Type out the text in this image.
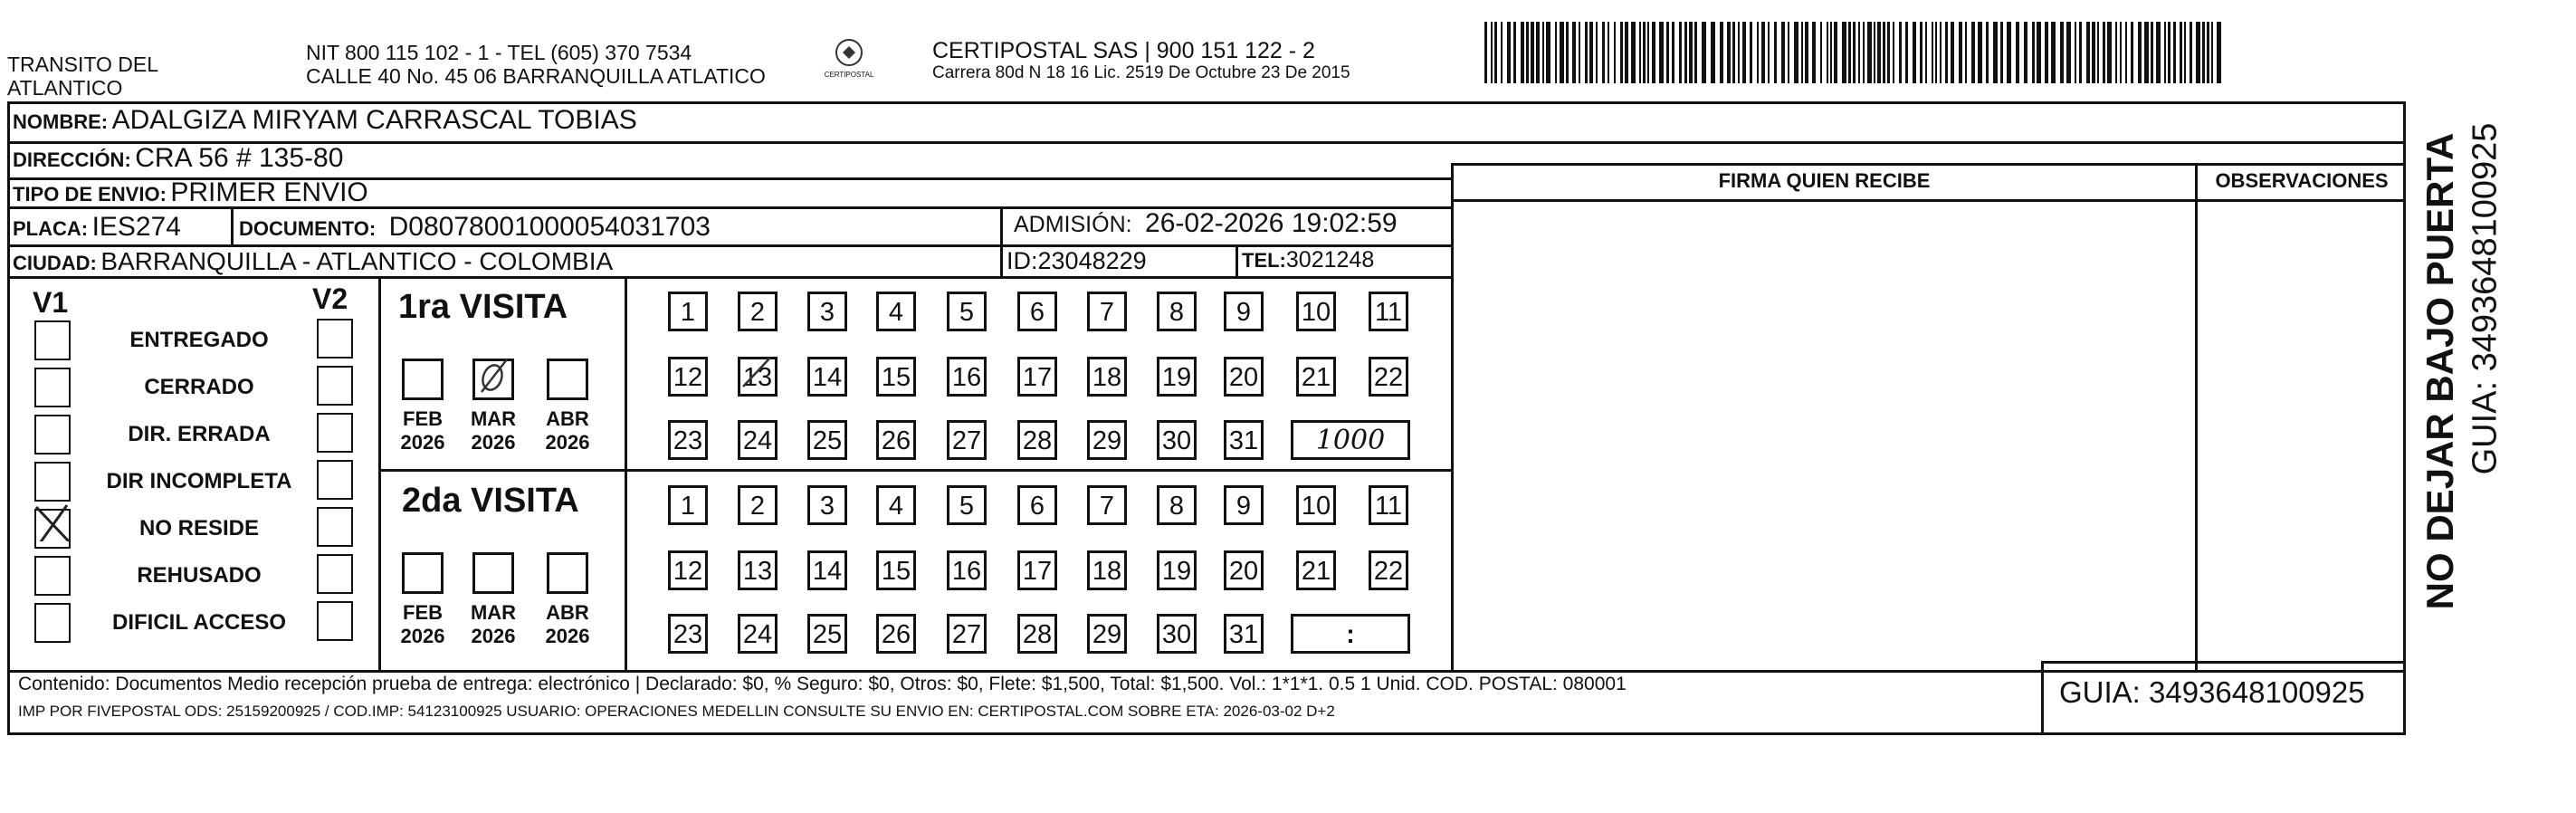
TRANSITO DEL
ATLANTICO
NIT 800 115 102 - 1 - TEL (605) 370 7534
CALLE 40 No. 45 06 BARRANQUILLA ATLATICO	CERTIPOSTAL
CERTIPOSTAL SAS | 900 151 122 - 2
Carrera 80d N 18 16 Lic. 2519 De Octubre 23 De 2015
FIRMA QUIEN RECIBE	OBSERVACIONES
NOMBRE: ADALGIZA MIRYAM CARRASCAL TOBIAS
DIRECCIÓN: CRA 56 # 135-80
TIPO DE ENVIO: PRIMER ENVIO
PLACA: IES274	DOCUMENTO: D08078001000054031703	ADMISIÓN: 26-02-2026 19:02:59
CIUDAD: BARRANQUILLA - ATLANTICO - COLOMBIA	ID:23048229	TEL:3021248
V1	V2
ENTREGADO
CERRADO
DIR. ERRADA
DIR INCOMPLETA
NO RESIDE
REHUSADO
DIFICIL ACCESO
1ra VISITA
2da VISITA
FEB
2026
MAR
2026
ABR
2026
1	2	3	4	5	6	7	8	9	10 11
12 13 14 15 16 17 18 19 20 21 22
23 24 25 26 27 28 29 30 31	1000
FEB
2026
MAR
2026
ABR
2026
1	2	3	4	5	6	7	8	9	10 11
12 13 14 15 16 17 18 19 20 21 22
23 24 25 26 27 28 29 30 31	:
Contenido: Documentos Medio recepción prueba de entrega: electrónico | Declarado: $0, % Seguro: $0, Otros: $0, Flete: $1,500, Total: $1,500. Vol.: 1*1*1. 0.5 1 Unid. COD. POSTAL: 080001
IMP POR FIVEPOSTAL ODS: 25159200925 / COD.IMP: 54123100925 USUARIO: OPERACIONES MEDELLIN CONSULTE SU ENVIO EN: CERTIPOSTAL.COM SOBRE ETA: 2026-03-02 D+2
GUIA: 3493648100925
NO DEJAR BAJO PUERTA GUIA: 3493648100925
